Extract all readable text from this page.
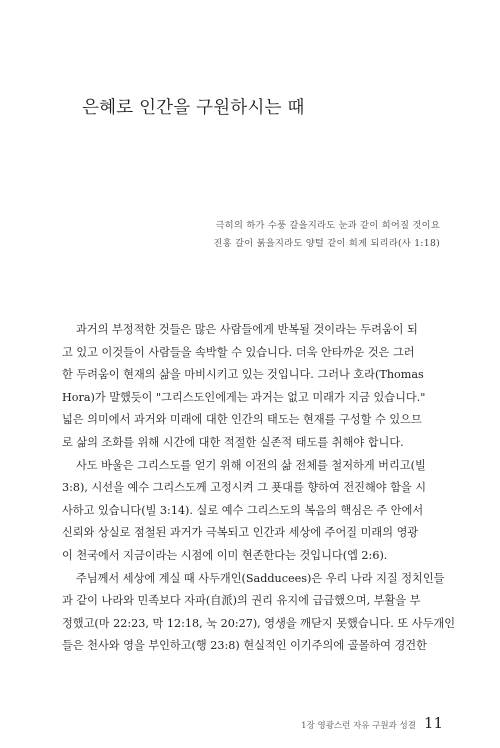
은혜로 인간을 구원하시는 때
극히의 하가 수풍 갈을지라도 눈과 같이 희어질 것이요
진홍 갈이 붉을지라도 양털 같이 희게 되리라(사 1:18)

과거의 부정적한 것들은 많은 사람들에게 반복될 것이라는 두려움이 되
고 있고 이것들이 사람들을 속박할 수 있습니다. 더욱 안타까운 것은 그러
한 두려움이 현재의 삶을 마비시키고 있는 것입니다. 그러나 호라(Thomas
Hora)가 말했듯이 "그리스도인에게는 과거는 없고 미래가 지금 있습니다."
넓은 의미에서 과거와 미래에 대한 인간의 태도는 현재를 구성할 수 있으므
로 삶의 조화를 위해 시간에 대한 적절한 실존적 태도를 취해야 합니다.

사도 바울은 그리스도를 얻기 위해 이전의 삶 전체를 철저하게 버리고(빌
3:8), 시선을 예수 그리스도께 고정시켜 그 푯대를 향하여 전진해야 함을 시
사하고 있습니다(빌 3:14). 실로 예수 그리스도의 복음의 핵심은 주 안에서
신뢰와 상실로 점철된 과거가 극복되고 인간과 세상에 주어질 미래의 영광
이 천국에서 지금이라는 시점에 이미 현존한다는 것입니다(엡 2:6).

주님께서 세상에 계실 때 사두개인(Sadducees)은 우리 나라 지질 정치인들
과 같이 나라와 민족보다 자파(自派)의 권리 유지에 급급했으며, 부활을 부
정했고(마 22:23, 막 12:18, 눅 20:27), 영생을 깨닫지 못했습니다. 또 사두개인
들은 천사와 영을 부인하고(행 23:8) 현실적인 이기주의에 골몰하여 경건한

1장 영광스런 자유 구원과 성결 11
